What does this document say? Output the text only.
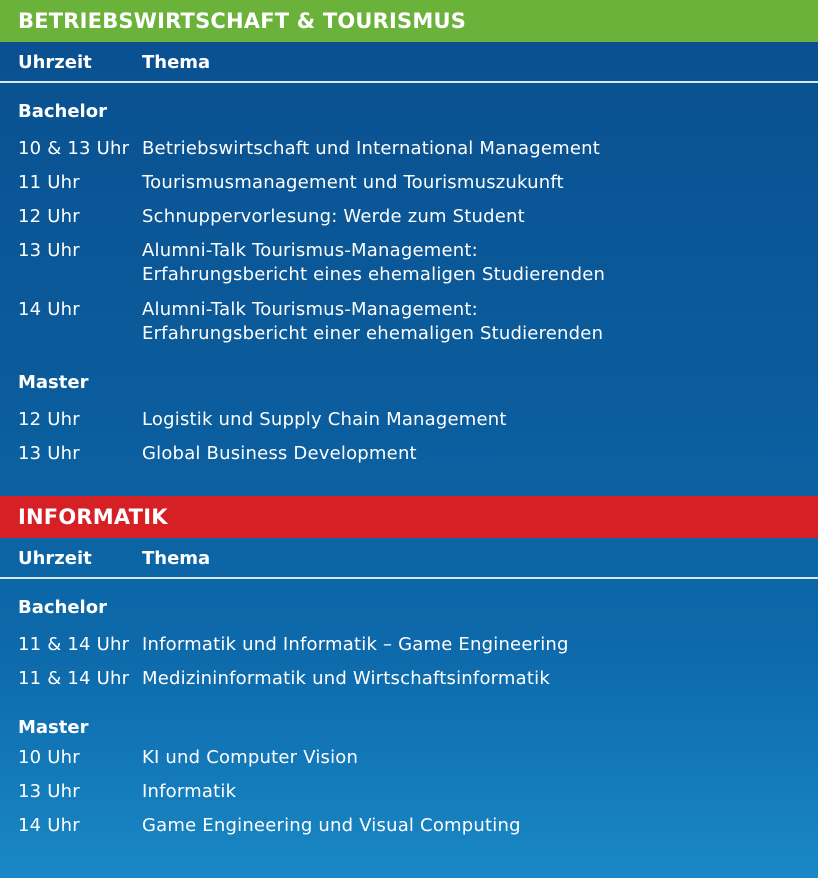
BETRIEBSWIRTSCHAFT & TOURISMUS
Uhrzeit	Thema
Bachelor
10 & 13 Uhr Betriebswirtschaft und International Management
11 Uhr	Tourismusmanagement und Tourismuszukunft
12 Uhr	Schnuppervorlesung: Werde zum Student
13 Uhr	Alumni-Talk Tourismus-Management:
Erfahrungsbericht eines ehemaligen Studierenden
14 Uhr	Alumni-Talk Tourismus-Management:
Erfahrungsbericht einer ehemaligen Studierenden
Master
12 Uhr	Logistik und Supply Chain Management
13 Uhr	Global Business Development
INFORMATIK
Uhrzeit	Thema
Bachelor
11 & 14 Uhr Informatik und Informatik – Game Engineering
11 & 14 Uhr Medizininformatik und Wirtschaftsinformatik
Master
10 Uhr	KI und Computer Vision
13 Uhr	Informatik
14 Uhr	Game Engineering und Visual Computing
